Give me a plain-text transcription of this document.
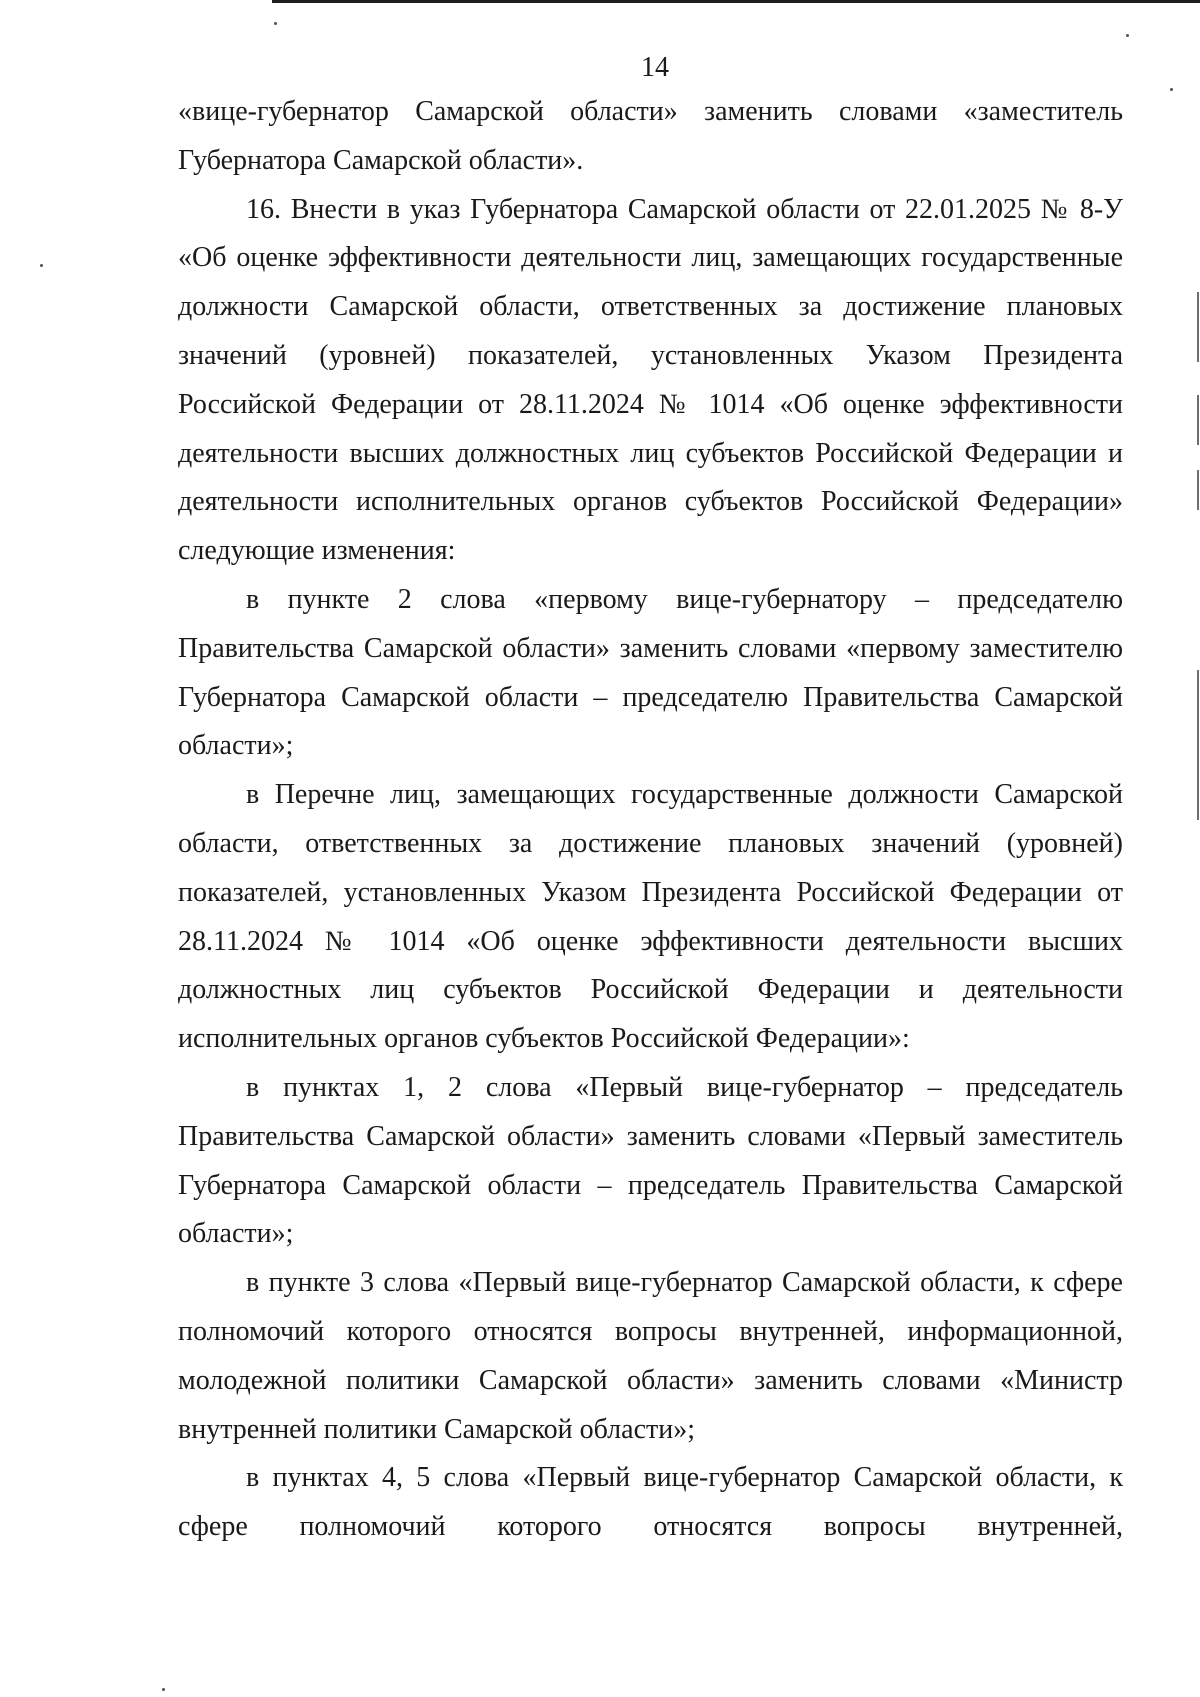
14

«вице-губернатор Самарской области» заменить словами «заместитель Губернатора Самарской области».

16. Внести в указ Губернатора Самарской области от 22.01.2025 № 8-У «Об оценке эффективности деятельности лиц, замещающих государственные должности Самарской области, ответственных за достижение плановых значений (уровней) показателей, установленных Указом Президента Российской Федерации от 28.11.2024 № 1014 «Об оценке эффективности деятельности высших должностных лиц субъектов Российской Федерации и деятельности исполнительных органов субъектов Российской Федерации» следующие изменения:

в пункте 2 слова «первому вице-губернатору – председателю Правительства Самарской области» заменить словами «первому заместителю Губернатора Самарской области – председателю Правительства Самарской области»;

в Перечне лиц, замещающих государственные должности Самарской области, ответственных за достижение плановых значений (уровней) показателей, установленных Указом Президента Российской Федерации от 28.11.2024 № 1014 «Об оценке эффективности деятельности высших должностных лиц субъектов Российской Федерации и деятельности исполнительных органов субъектов Российской Федерации»:

в пунктах 1, 2 слова «Первый вице-губернатор – председатель Правительства Самарской области» заменить словами «Первый заместитель Губернатора Самарской области – председатель Правительства Самарской области»;

в пункте 3 слова «Первый вице-губернатор Самарской области, к сфере полномочий которого относятся вопросы внутренней, информационной, молодежной политики Самарской области» заменить словами «Министр внутренней политики Самарской области»;

в пунктах 4, 5 слова «Первый вице-губернатор Самарской области, к сфере полномочий которого относятся вопросы внутренней,
